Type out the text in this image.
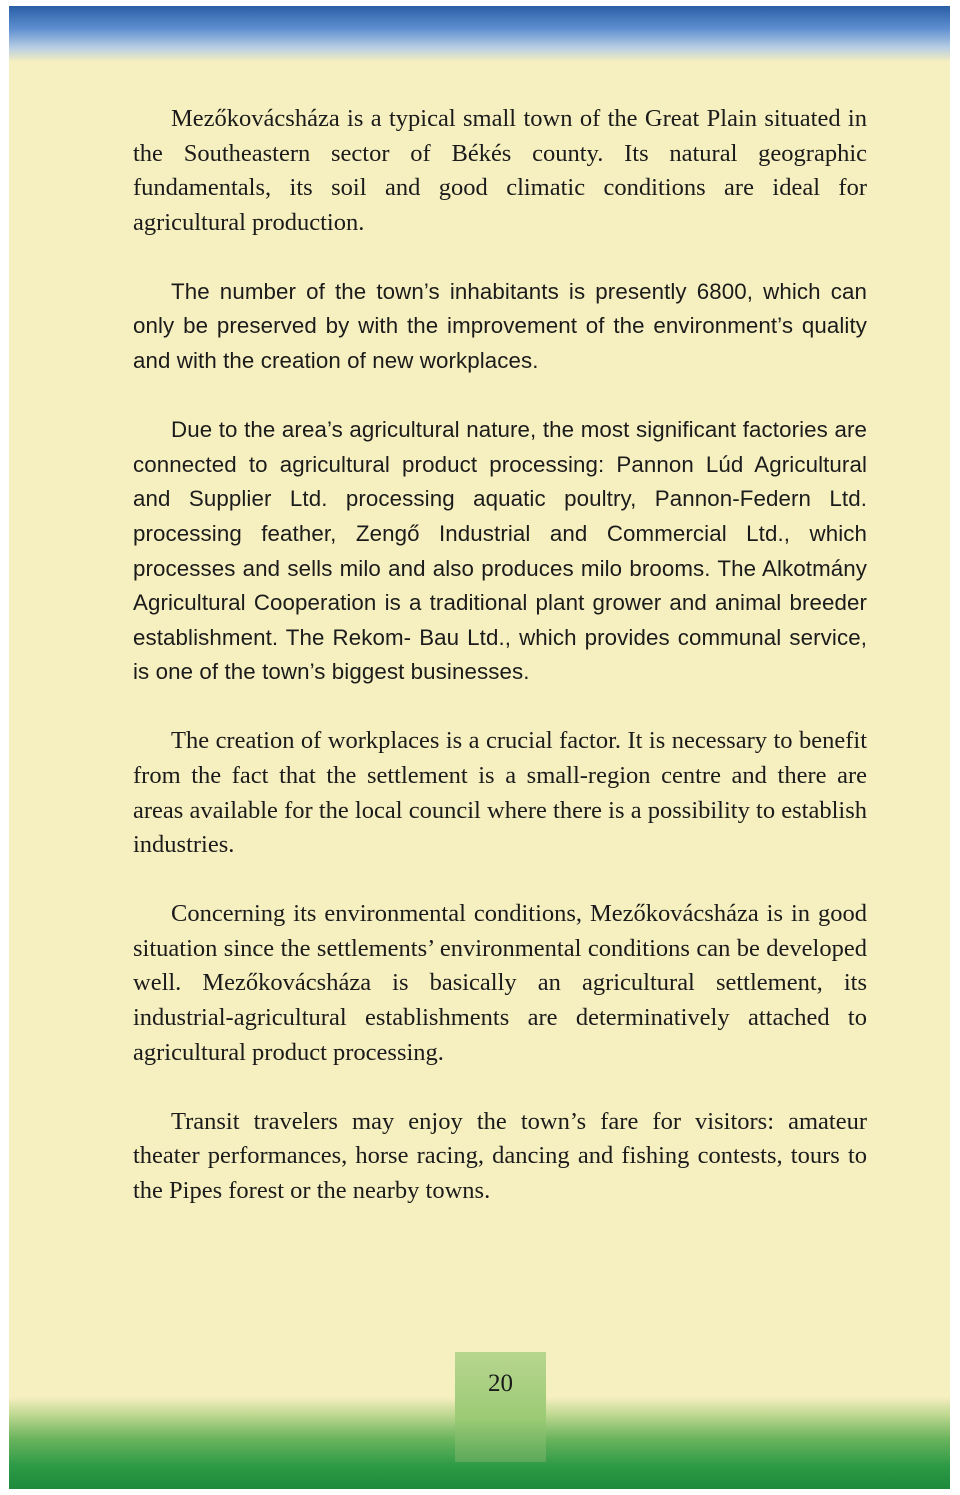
Mezőkovácsháza is a typical small town of the Great Plain situated in the Southeastern sector of Békés county. Its natural geographic fundamentals, its soil and good climatic conditions are ideal for agricultural production.

The number of the town’s inhabitants is presently 6800, which can only be preserved by with the improvement of the environment’s quality and with the creation of new workplaces.

Due to the area’s agricultural nature, the most significant factories are connected to agricultural product processing: Pannon Lúd Agricultural and Supplier Ltd. processing aquatic poultry, Pannon-Federn Ltd. processing feather, Zengő Industrial and Commercial Ltd., which processes and sells milo and also produces milo brooms. The Alkotmány Agricultural Cooperation is a traditional plant grower and animal breeder establishment. The Rekom- Bau Ltd., which provides communal service, is one of the town’s biggest businesses.

The creation of workplaces is a crucial factor. It is necessary to benefit from the fact that the settlement is a small-region centre and there are areas available for the local council where there is a possibility to establish industries.

Concerning its environmental conditions, Mezőkovácsháza is in good situation since the settlements’ environmental conditions can be developed well. Mezőkovácsháza is basically an agricultural settlement, its industrial-agricultural establishments are determinatively attached to agricultural product processing.

Transit travelers may enjoy the town’s fare for visitors: amateur theater performances, horse racing, dancing and fishing contests, tours to the Pipes forest or the nearby towns.

20
